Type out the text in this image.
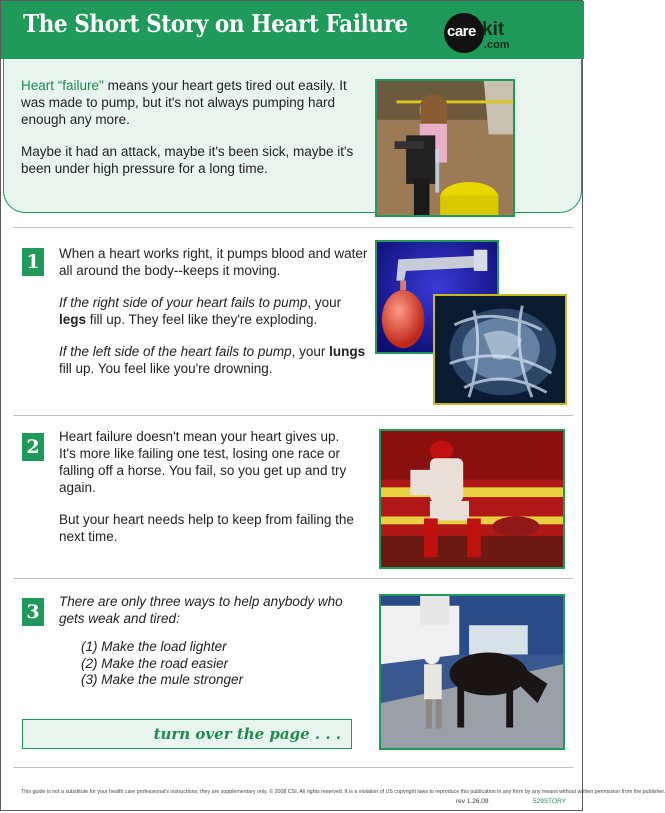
The Short Story on Heart Failure	care kit
.com

Heart “failure" means your heart gets tired out easily. It was made to pump, but it's not always pumping hard enough any more.

Maybe it had an attack, maybe it's been sick, maybe it's been under high pressure for a long time.

1	When a heart works right, it pumps blood and water all around the body--keeps it moving.

If the right side of your heart fails to pump, your legs fill up. They feel like they're exploding.

If the left side of the heart fails to pump, your lungs fill up. You feel like you're drowning.

2	Heart failure doesn't mean your heart gives up. It's more like failing one test, losing one race or falling off a horse. You fail, so you get up and try again.

But your heart needs help to keep from failing the next time.

3	There are only three ways to help anybody who gets weak and tired:

(1) Make the load lighter
(2) Make the road easier
(3) Make the mule stronger
turn over the page . . .
This guide is not a substitute for your health care professional's instructions; they are supplementary only. © 2008 CSI. All rights reserved. It is a violation of US copyright laws to reproduce this publication in any form by any means without written permission from the publisher.
rev 1.26.09	529STORY
